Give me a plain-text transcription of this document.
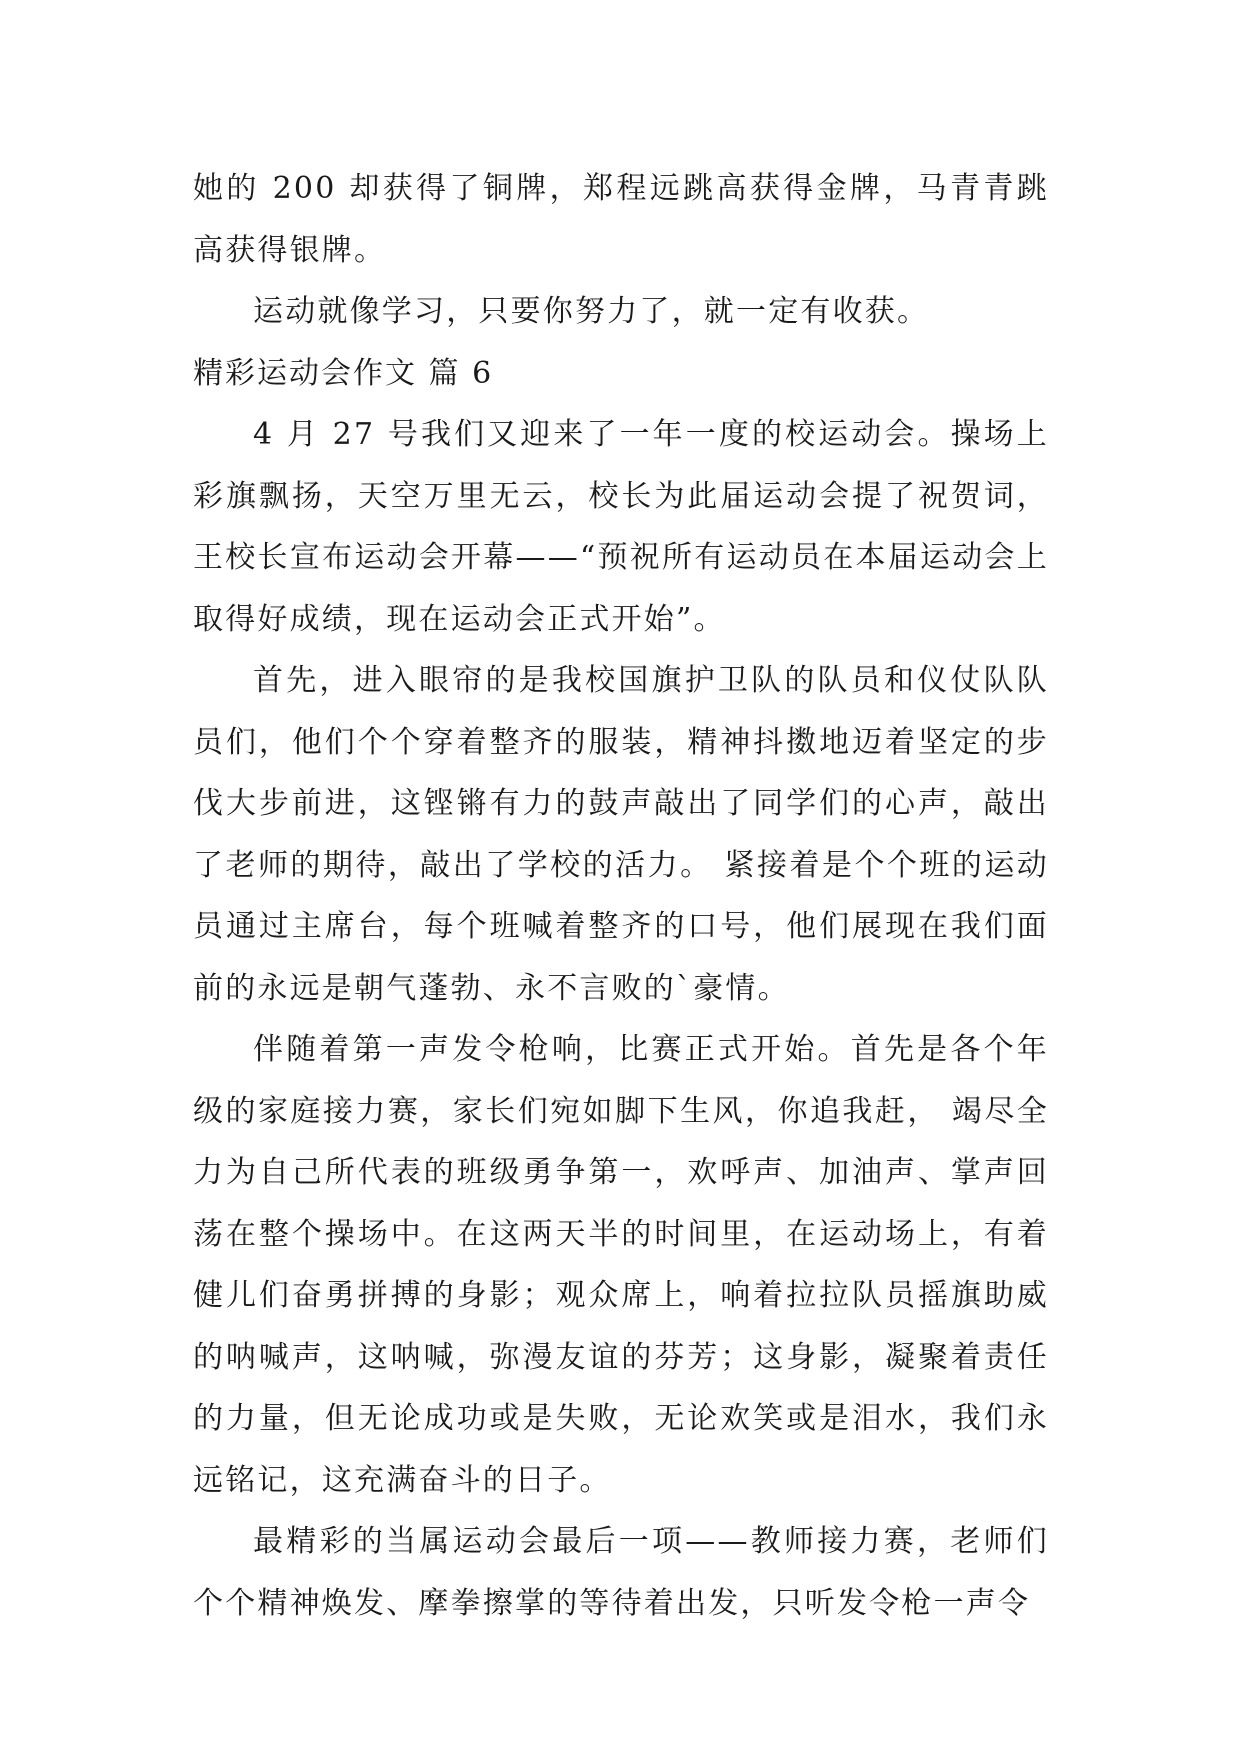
她的 200 却获得了铜牌，郑程远跳高获得金牌，马青青跳高获得银牌。

运动就像学习，只要你努力了，就一定有收获。

精彩运动会作文 篇 6

4 月 27 号我们又迎来了一年一度的校运动会。操场上彩旗飘扬，天空万里无云，校长为此届运动会提了祝贺词，王校长宣布运动会开幕——“预祝所有运动员在本届运动会上取得好成绩，现在运动会正式开始”。

首先，进入眼帘的是我校国旗护卫队的队员和仪仗队队员们，他们个个穿着整齐的服装，精神抖擞地迈着坚定的步伐大步前进，这铿锵有力的鼓声敲出了同学们的心声，敲出了老师的期待，敲出了学校的活力。 紧接着是个个班的运动员通过主席台，每个班喊着整齐的口号，他们展现在我们面前的永远是朝气蓬勃、永不言败的`豪情。

伴随着第一声发令枪响，比赛正式开始。首先是各个年级的家庭接力赛，家长们宛如脚下生风，你追我赶， 竭尽全力为自己所代表的班级勇争第一，欢呼声、加油声、掌声回荡在整个操场中。在这两天半的时间里，在运动场上，有着健儿们奋勇拼搏的身影；观众席上，响着拉拉队员摇旗助威的呐喊声，这呐喊，弥漫友谊的芬芳；这身影，凝聚着责任的力量，但无论成功或是失败，无论欢笑或是泪水，我们永远铭记，这充满奋斗的日子。

最精彩的当属运动会最后一项——教师接力赛，老师们个个精神焕发、摩拳擦掌的等待着出发，只听发令枪一声令
